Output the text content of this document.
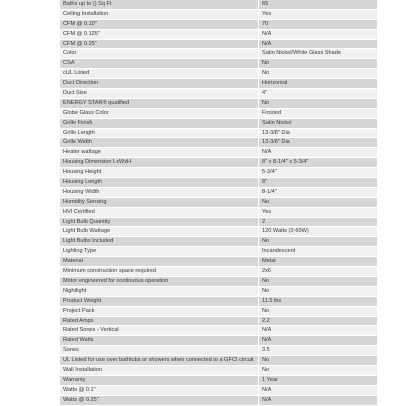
Baths up to () Sq Ft	65
Ceiling Installation	Yes
CFM @ 0.10"	70
CFM @ 0.125"	N/A
CFM @ 0.25"	N/A
Color	Satin Nickel/White Glass Shade
CSA	No
cUL Listed	No
Duct Direction	Horizontal
Duct Size	4"
ENERGY STAR® qualified	No
Globe Glass Color	Frosted
Grille Finish	Satin Nickel
Grille Length	13-3/8" Dia
Grille Width	13-3/8" Dia
Heater wattage	N/A
Housing Dimension LxWxH	8" x 8-1/4" x 5-3/4"
Housing Height	5-3/4"
Housing Length	8"
Housing Width	8-1/4"
Humidity Sensing	No
HVI Certified	Yes
Light Bulb Quantity	2
Light Bulb Wattage	120 Watts (2-60W)
Light Bulbs Included	No
Lighting Type	Incandescent
Material	Metal
Minimum construction space required	2x6
Motor engineered for continuous operation	No
Nightlight	No
Product Weight	11.5 lbs
Project Pack	No
Rated Amps	2.2
Rated Sones - Vertical	N/A
Rated Watts	N/A
Sones	3.5
UL Listed for use over bathtubs or showers when connected to a GFCI circuit	No
Wall Installation	No
Warranty	1 Year
Watts @ 0.1"	N/A
Watts @ 0.25"	N/A
